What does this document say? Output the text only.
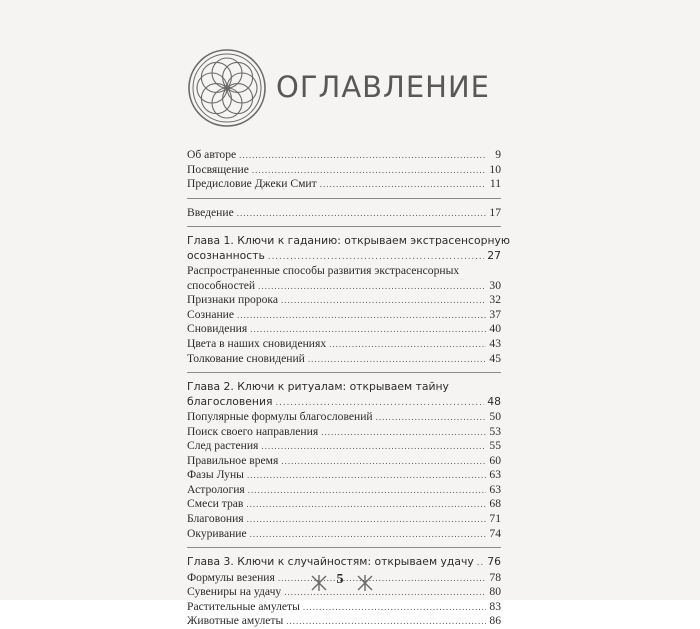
ОГЛАВЛЕНИЕ
Об авторе .....	9
Посвящение .....	10
Предисловие Джеки Смит .....	11
Введение .....	17
Глава 1. Ключи к гаданию: открываем экстрасенсорную
осознанность .....	27
Распространенные способы развития экстрасенсорных
способностей .....	30
Признаки пророка .....	32
Сознание .....	37
Сновидения .....	40
Цвета в наших сновидениях .....	43
Толкование сновидений .....	45
Глава 2. Ключи к ритуалам: открываем тайну
благословения .....	48
Популярные формулы благословений .....	50
Поиск своего направления .....	53
След растения .....	55
Правильное время .....	60
Фазы Луны .....	63
Астрология .....	63
Смеси трав .....	68
Благовония .....	71
Окуривание .....	74
Глава 3. Ключи к случайностям: открываем удачу ..... 76
Формулы везения .....	78
Сувениры на удачу .....	80
Растительные амулеты .....	83
Животные амулеты .....	86
5
